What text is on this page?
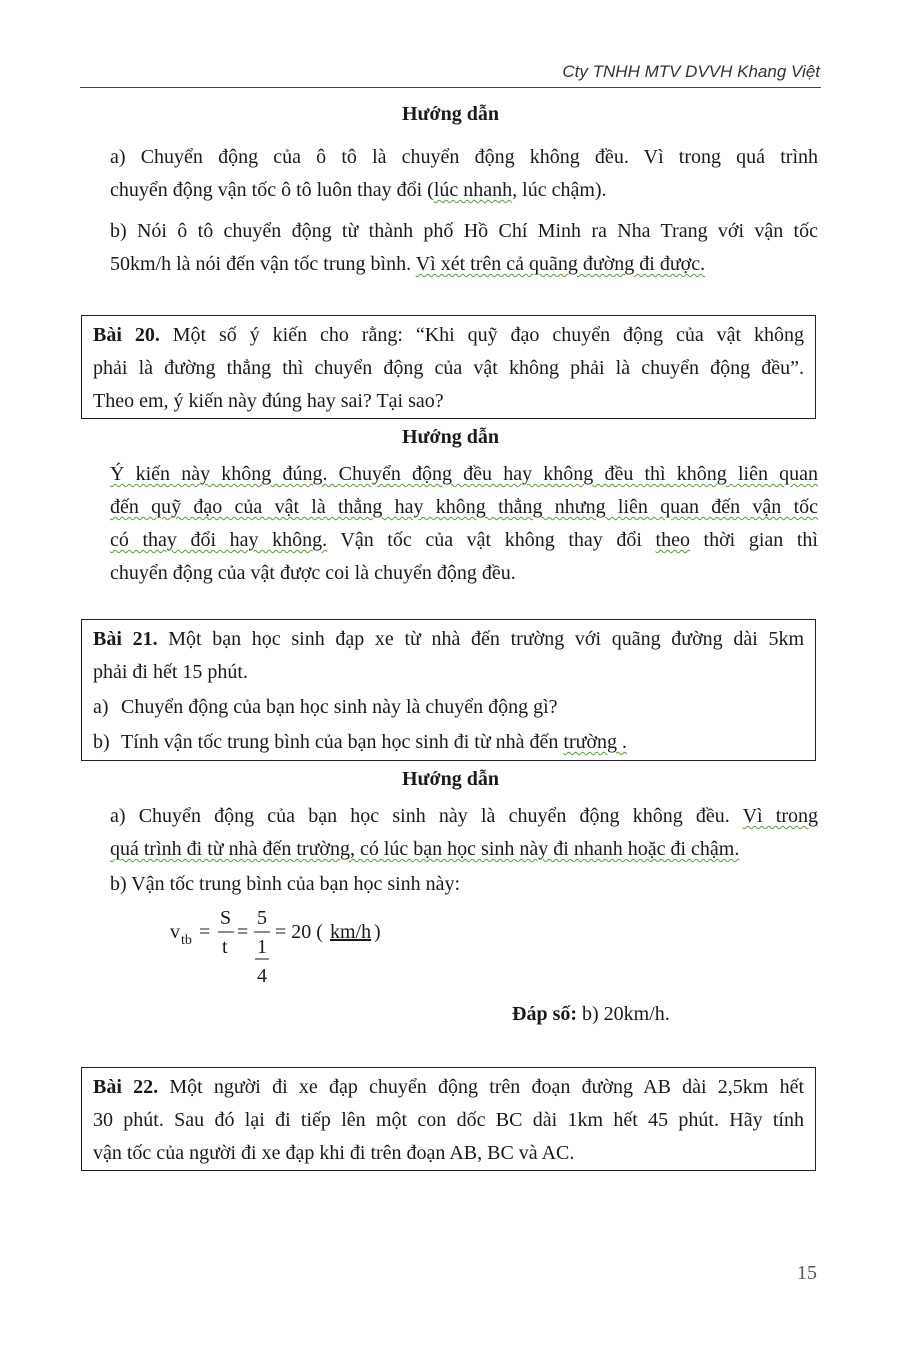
Cty TNHH MTV DVVH Khang Việt
Hướng dẫn
a) Chuyển động của ô tô là chuyển động không đều. Vì trong quá trình
chuyển động vận tốc ô tô luôn thay đổi (lúc nhanh, lúc chậm).
b) Nói ô tô chuyển động từ thành phố Hồ Chí Minh ra Nha Trang với vận tốc
50km/h là nói đến vận tốc trung bình. Vì xét trên cả quãng đường đi được.
Bài 20. Một số ý kiến cho rằng: “Khi quỹ đạo chuyển động của vật không
phải là đường thẳng thì chuyển động của vật không phải là chuyển động đều”.
Theo em, ý kiến này đúng hay sai? Tại sao?
Hướng dẫn
Ý kiến này không đúng. Chuyển động đều hay không đều thì không liên quan
đến quỹ đạo của vật là thẳng hay không thẳng nhưng liên quan đến vận tốc
có thay đổi hay không. Vận tốc của vật không thay đổi theo thời gian thì
chuyển động của vật được coi là chuyển động đều.
Bài 21. Một bạn học sinh đạp xe từ nhà đến trường với quãng đường dài 5km
phải đi hết 15 phút.
a) Chuyển động của bạn học sinh này là chuyển động gì?
b) Tính vận tốc trung bình của bạn học sinh đi từ nhà đến trường .
Hướng dẫn
a) Chuyển động của bạn học sinh này là chuyển động không đều. Vì trong
quá trình đi từ nhà đến trường, có lúc bạn học sinh này đi nhanh hoặc đi chậm.
b) Vận tốc trung bình của bạn học sinh này:
v tb =
S
t
=
5
1
4
= 20 ( km/h )
Đáp số: b) 20km/h.
Bài 22. Một người đi xe đạp chuyển động trên đoạn đường AB dài 2,5km hết
30 phút. Sau đó lại đi tiếp lên một con dốc BC dài 1km hết 45 phút. Hãy tính
vận tốc của người đi xe đạp khi đi trên đoạn AB, BC và AC.
15
